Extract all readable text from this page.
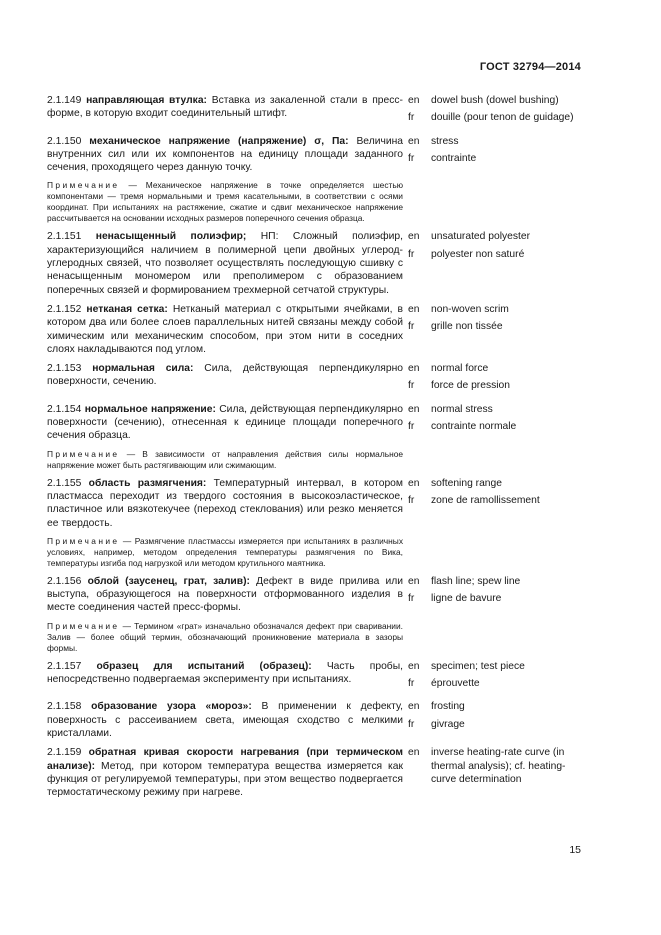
ГОСТ 32794—2014
2.1.149 направляющая втулка: Вставка из закаленной стали в пресс-форме, в которую входит соединительный штифт.
en
fr
dowel bush (dowel bushing)
douille (pour tenon de guidage)
2.1.150 механическое напряжение (напряжение) σ, Па: Величина внутренних сил или их компонентов на единицу площади заданного сечения, проходящего через данную точку.
en
fr
stress
contrainte
Примечание — Механическое напряжение в точке определяется шестью компонентами — тремя нормальными и тремя касательными, в соответствии с осями координат. При испытаниях на растяжение, сжатие и сдвиг механическое напряжение рассчитывается на основании исходных размеров поперечного сечения образца.
2.1.151 ненасыщенный полиэфир; НП: Сложный полиэфир, характеризующийся наличием в полимерной цепи двойных углерод-углеродных связей, что позволяет осуществлять последующую сшивку с ненасыщенным мономером или преполимером с образованием поперечных связей и формированием трехмерной сетчатой структуры.
en
fr
unsaturated polyester
polyester non saturé
2.1.152 нетканая сетка: Нетканый материал с открытыми ячейками, в котором два или более слоев параллельных нитей связаны между собой химическим или механическим способом, при этом нити в соседних слоях накладываются под углом.
en
fr
non-woven scrim
grille non tissée
2.1.153 нормальная сила: Сила, действующая перпендикулярно поверхности, сечению.
en
fr
normal force
force de pression
2.1.154 нормальное напряжение: Сила, действующая перпендикулярно поверхности (сечению), отнесенная к единице площади поперечного сечения образца.
en
fr
normal stress
contrainte normale
Примечание — В зависимости от направления действия силы нормальное напряжение может быть растягивающим или сжимающим.
2.1.155 область размягчения: Температурный интервал, в котором пластмасса переходит из твердого состояния в высокоэластическое, пластичное или вязкотекучее (переход стеклования) или резко меняется ее твердость.
en
fr
softening range
zone de ramollissement
Примечание — Размягчение пластмассы измеряется при испытаниях в различных условиях, например, методом определения температуры размягчения по Вика, температуры изгиба под нагрузкой или методом крутильного маятника.
2.1.156 облой (заусенец, грат, залив): Дефект в виде прилива или выступа, образующегося на поверхности отформованного изделия в месте соединения частей пресс-формы.
en
fr
flash line; spew line
ligne de bavure
Примечание — Термином «грат» изначально обозначался дефект при сваривании. Залив — более общий термин, обозначающий проникновение материала в зазоры формы.
2.1.157 образец для испытаний (образец): Часть пробы, непосредственно подвергаемая эксперименту при испытаниях.
en
fr
specimen; test piece
éprouvette
2.1.158 образование узора «мороз»: В применении к дефекту, поверхность с рассеиванием света, имеющая сходство с мелкими кристаллами.
en
fr
frosting
givrage
2.1.159 обратная кривая скорости нагревания (при термическом анализе): Метод, при котором температура вещества измеряется как функция от регулируемой температуры, при этом вещество подвергается термостатическому режиму при нагреве.
en	inverse heating-rate curve (in thermal analysis); cf. heating-curve determination
15
